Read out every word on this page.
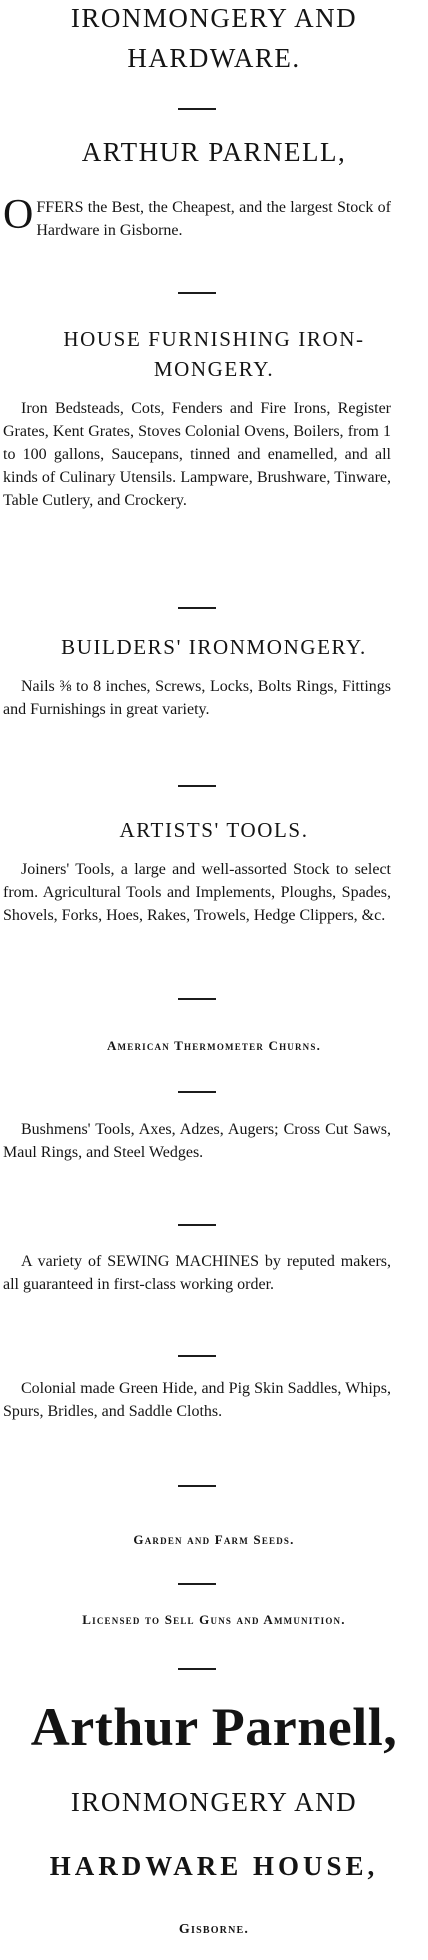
IRONMONGERY AND
HARDWARE.
ARTHUR PARNELL,
OFFERS the Best, the Cheapest, and the largest Stock of Hardware in Gisborne.
HOUSE FURNISHING IRON-
MONGERY.

Iron Bedsteads, Cots, Fenders and Fire Irons, Register Grates, Kent Grates, Stoves Colonial Ovens, Boilers, from 1 to 100 gallons, Saucepans, tinned and enamelled, and all kinds of Culinary Utensils. Lampware, Brushware, Tinware, Table Cutlery, and Crockery.

BUILDERS' IRONMONGERY.

Nails ⅜ to 8 inches, Screws, Locks, Bolts Rings, Fittings and Furnishings in great variety.

ARTISTS' TOOLS.

Joiners' Tools, a large and well-assorted Stock to select from. Agricultural Tools and Implements, Ploughs, Spades, Shovels, Forks, Hoes, Rakes, Trowels, Hedge Clippers, &c.

American Thermometer Churns.

Bushmens' Tools, Axes, Adzes, Augers; Cross Cut Saws, Maul Rings, and Steel Wedges.

A variety of SEWING MACHINES by reputed makers, all guaranteed in first-class working order.

Colonial made Green Hide, and Pig Skin Saddles, Whips, Spurs, Bridles, and Saddle Cloths.

Garden and Farm Seeds.
Licensed to Sell Guns and Ammunition.
Arthur Parnell,
IRONMONGERY AND
HARDWARE HOUSE,
Gisborne.
